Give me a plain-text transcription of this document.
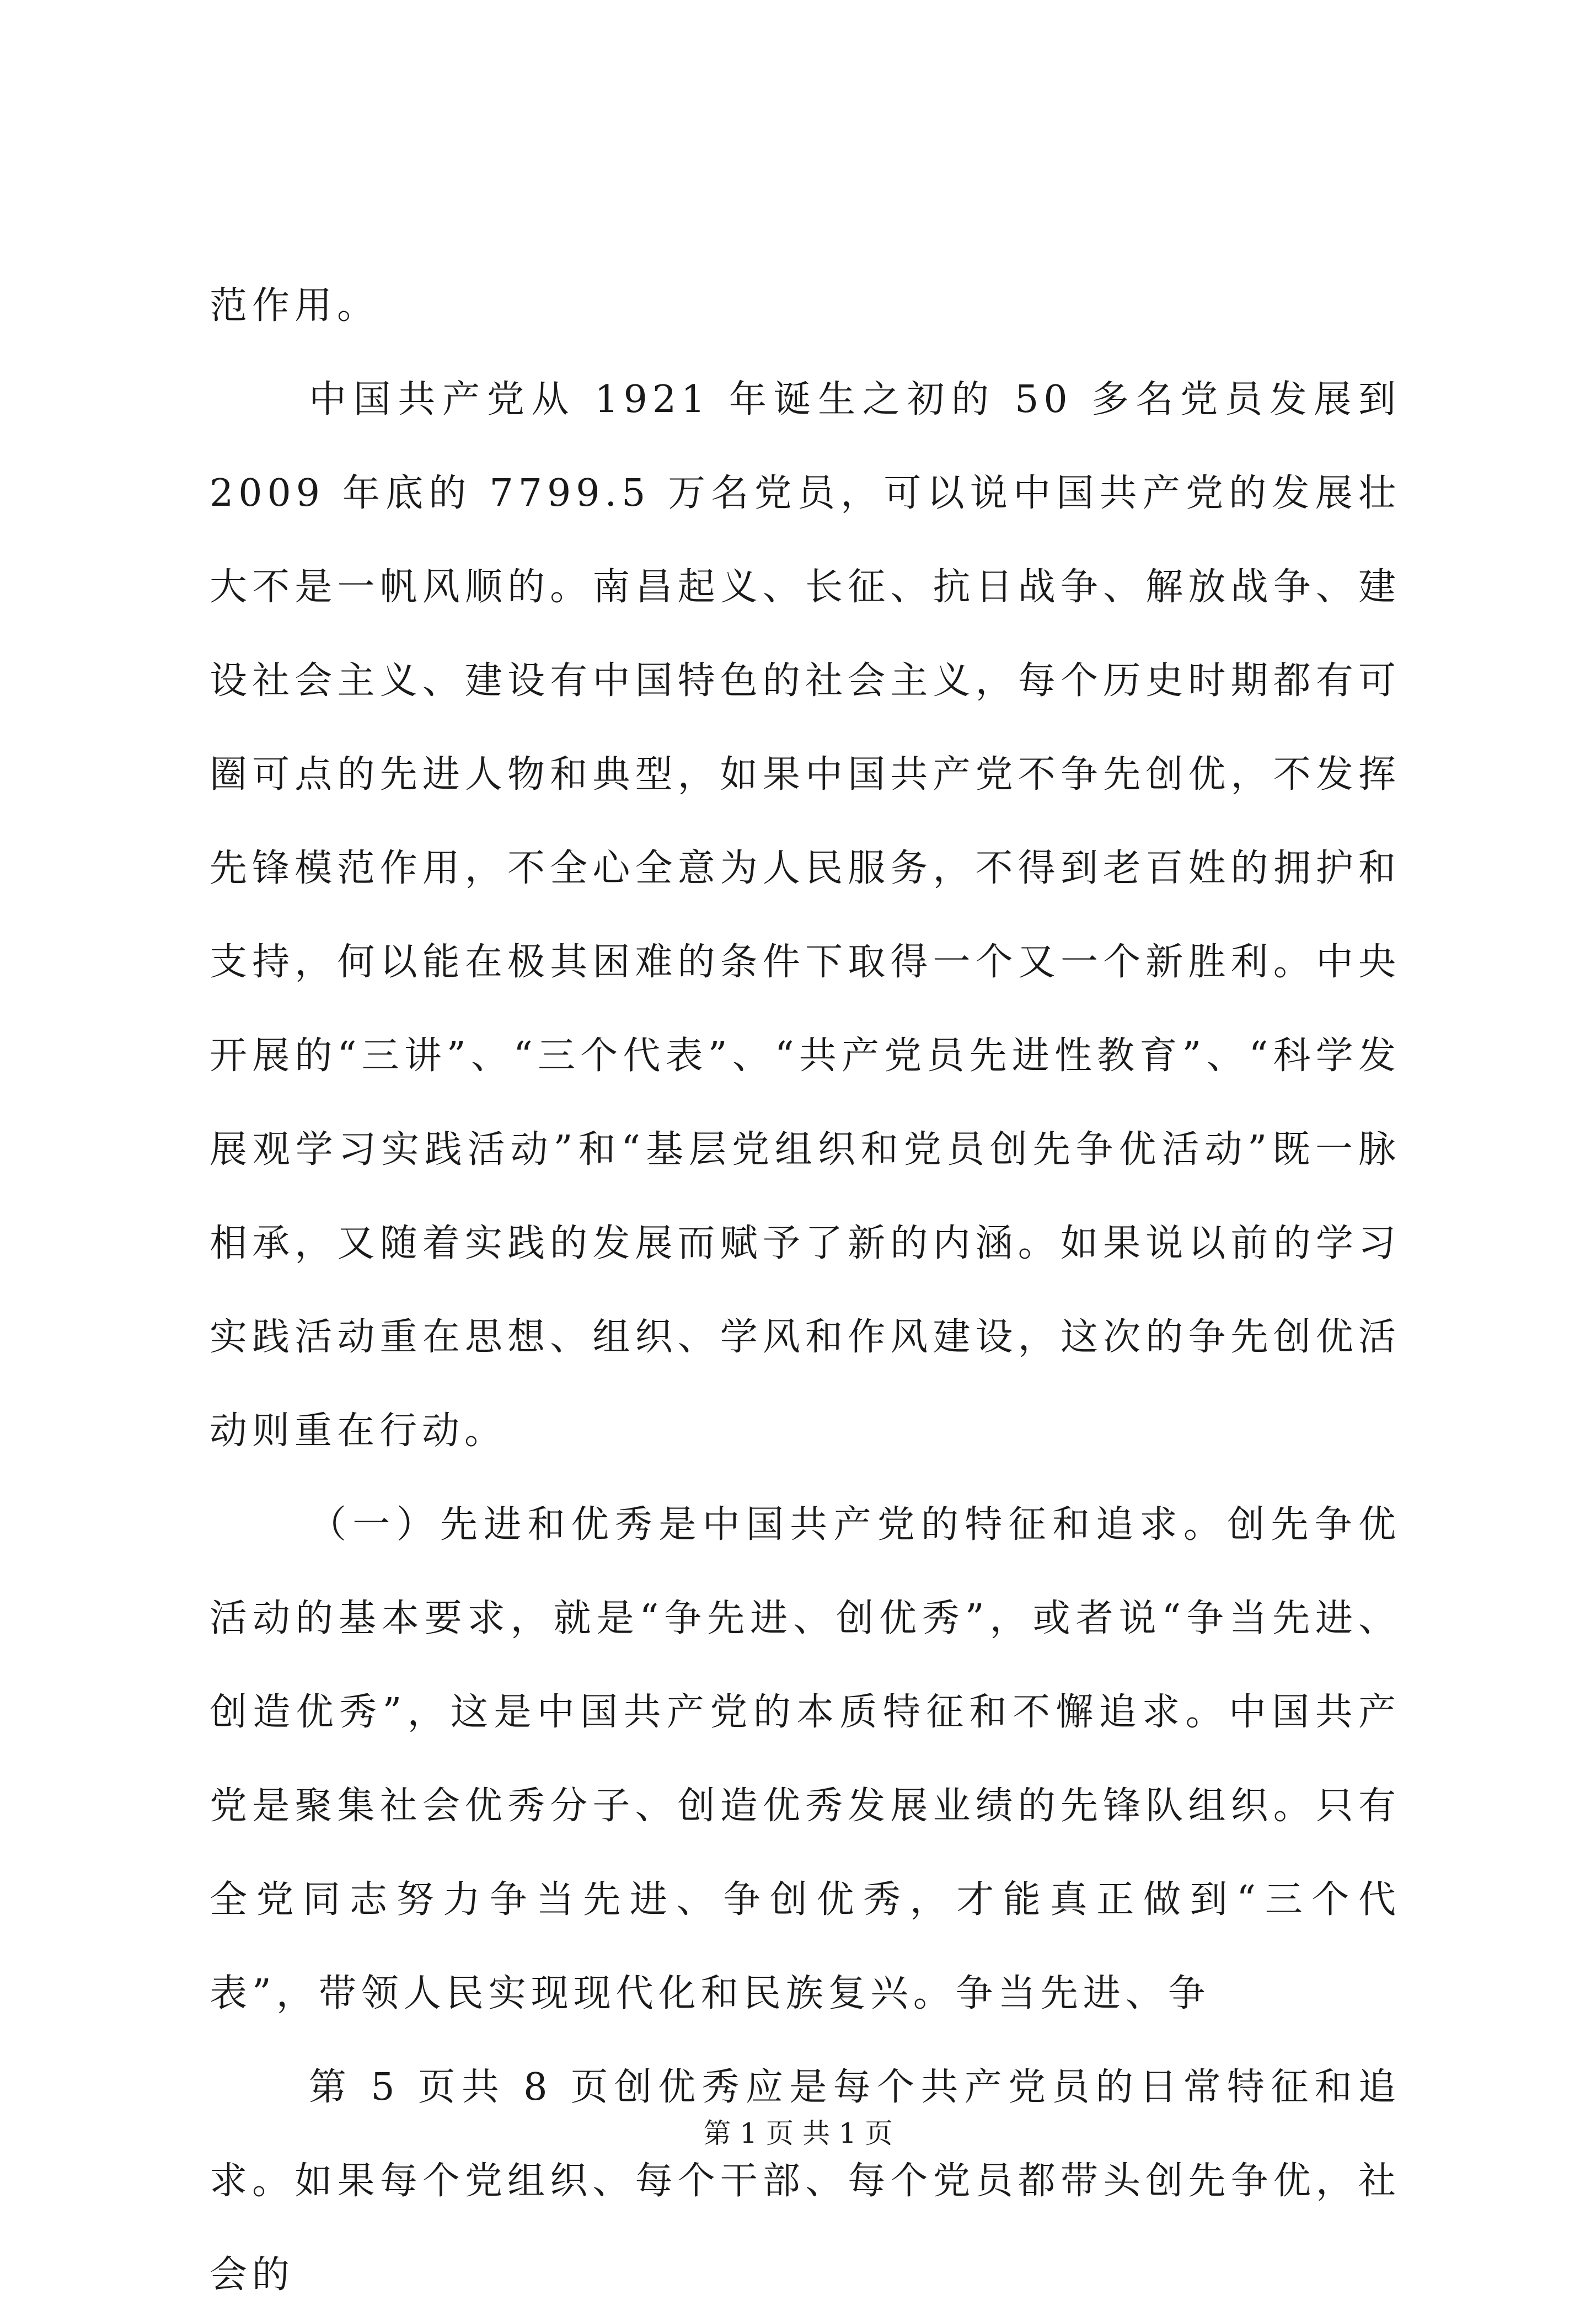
范作用。

中国共产党从 1921 年诞生之初的 50 多名党员发展到 2009 年底的 7799.5 万名党员，可以说中国共产党的发展壮大不是一帆风顺的。南昌起义、长征、抗日战争、解放战争、建设社会主义、建设有中国特色的社会主义，每个历史时期都有可圈可点的先进人物和典型，如果中国共产党不争先创优，不发挥先锋模范作用，不全心全意为人民服务，不得到老百姓的拥护和支持，何以能在极其困难的条件下取得一个又一个新胜利。中央开展的“三讲”、“三个代表”、“共产党员先进性教育”、“科学发展观学习实践活动”和“基层党组织和党员创先争优活动”既一脉相承，又随着实践的发展而赋予了新的内涵。如果说以前的学习实践活动重在思想、组织、学风和作风建设，这次的争先创优活动则重在行动。

（一）先进和优秀是中国共产党的特征和追求。创先争优活动的基本要求，就是“争先进、创优秀”，或者说“争当先进、创造优秀”，这是中国共产党的本质特征和不懈追求。中国共产党是聚集社会优秀分子、创造优秀发展业绩的先锋队组织。只有全党同志努力争当先进、争创优秀，才能真正做到“三个代表”，带领人民实现现代化和民族复兴。争当先进、争

第 5 页共 8 页创优秀应是每个共产党员的日常特征和追求。如果每个党组织、每个干部、每个党员都带头创先争优，社会的

第 1 页 共 1 页
